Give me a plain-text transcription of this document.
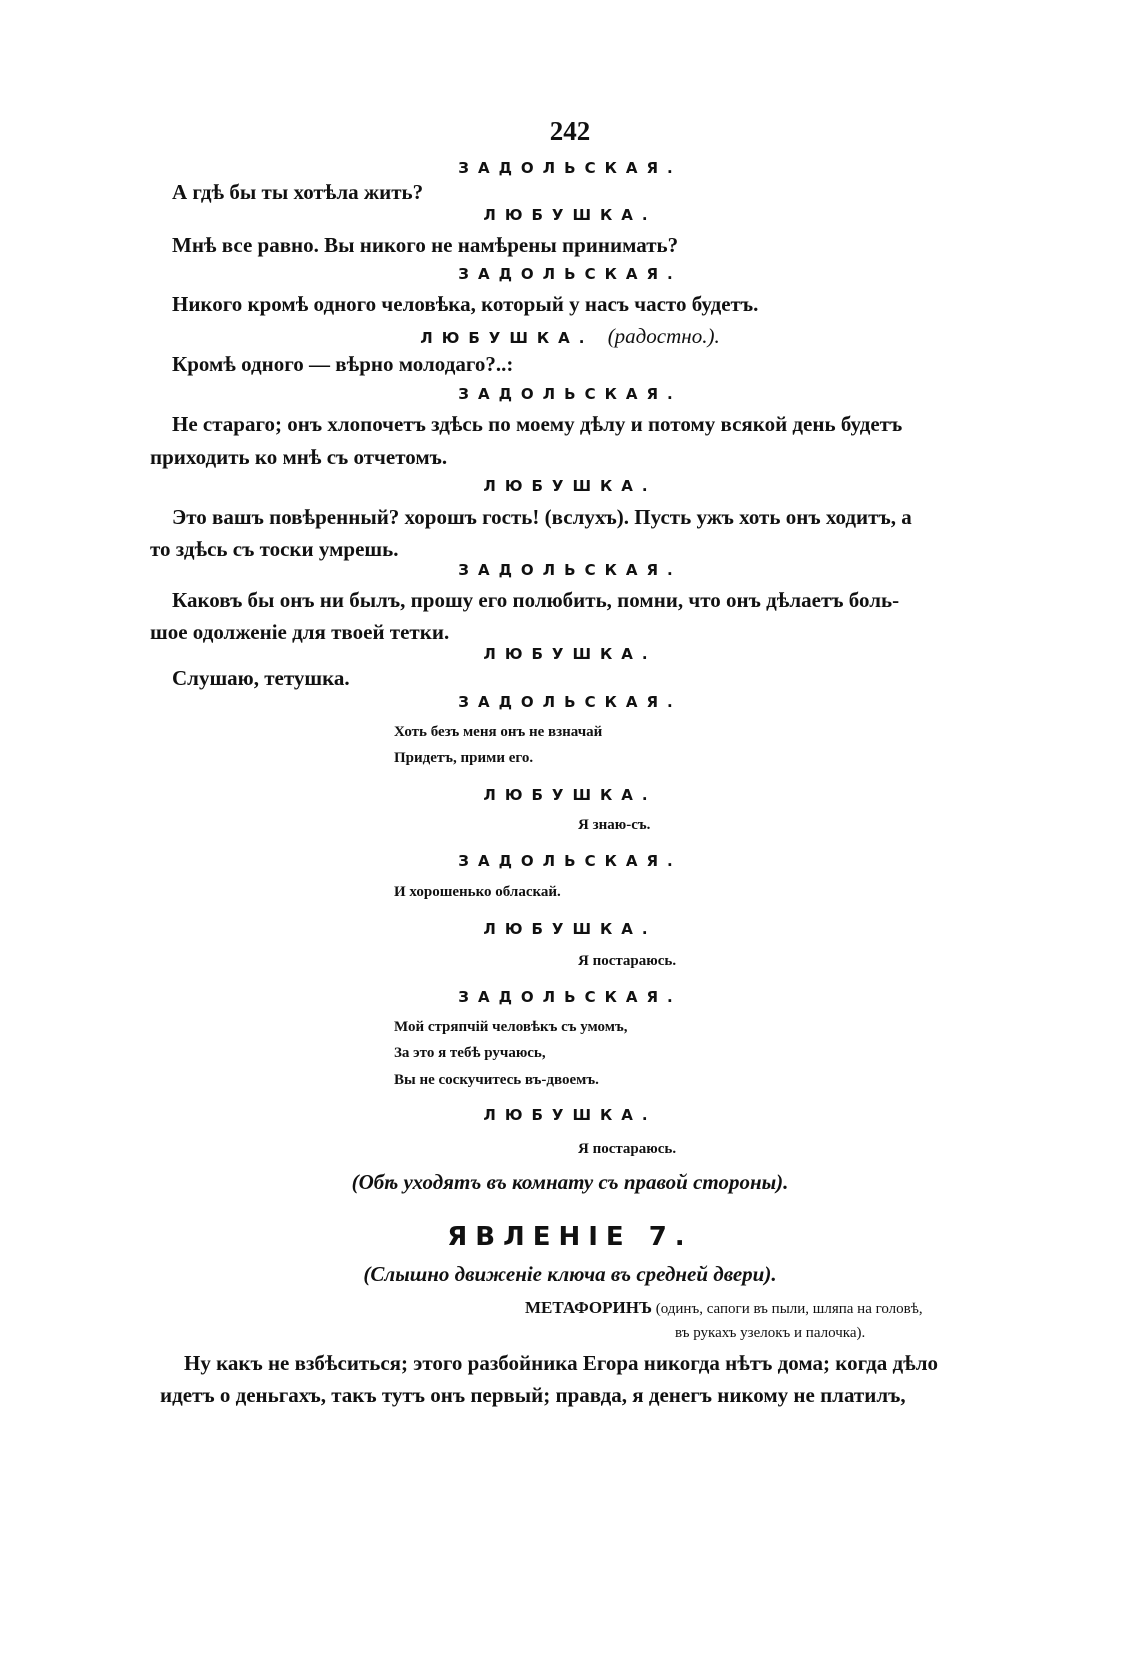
242
ЗАДОЛЬСКАЯ.
А гдѣ бы ты хотѣла жить?
ЛЮБУШКА.
Мнѣ все равно. Вы никого не намѣрены принимать?
ЗАДОЛЬСКАЯ.
Никого кромѣ одного человѣка, который у насъ часто будетъ.
ЛЮБУШКА. (радостно.).
Кромѣ одного — вѣрно молодаго?..:
ЗАДОЛЬСКАЯ.
Не стараго; онъ хлопочетъ здѣсь по моему дѣлу и потому всякой день будетъ
приходить ко мнѣ съ отчетомъ.
ЛЮБУШКА.
Это вашъ повѣренный? хорошъ гость! (вслухъ). Пусть ужъ хоть онъ ходитъ, а
то здѣсь съ тоски умрешь.
ЗАДОЛЬСКАЯ.
Каковъ бы онъ ни былъ, прошу его полюбить, помни, что онъ дѣлаетъ боль-
шое одолженіе для твоей тетки.
ЛЮБУШКА.
Слушаю, тетушка.
ЗАДОЛЬСКАЯ.
Хоть безъ меня онъ не взначай
Придетъ, прими его.
ЛЮБУШКА.
Я знаю-съ.
ЗАДОЛЬСКАЯ.
И хорошенько обласкай.
ЛЮБУШКА.
Я постараюсь.
ЗАДОЛЬСКАЯ.
Мой стряпчій человѣкъ съ умомъ,
За это я тебѣ ручаюсь,
Вы не соскучитесь въ-двоемъ.
ЛЮБУШКА.
Я постараюсь.
(Обѣ уходятъ въ комнату съ правой стороны).
ЯВЛЕНІЕ 7.
(Слышно движеніе ключа въ средней двери).
МЕТАФОРИНЪ (одинъ, сапоги въ пыли, шляпа на головѣ,
въ рукахъ узелокъ и палочка).
Ну какъ не взбѣситься; этого разбойника Егора никогда нѣтъ дома; когда дѣло
идетъ о деньгахъ, такъ тутъ онъ первый; правда, я денегъ никому не платилъ,
